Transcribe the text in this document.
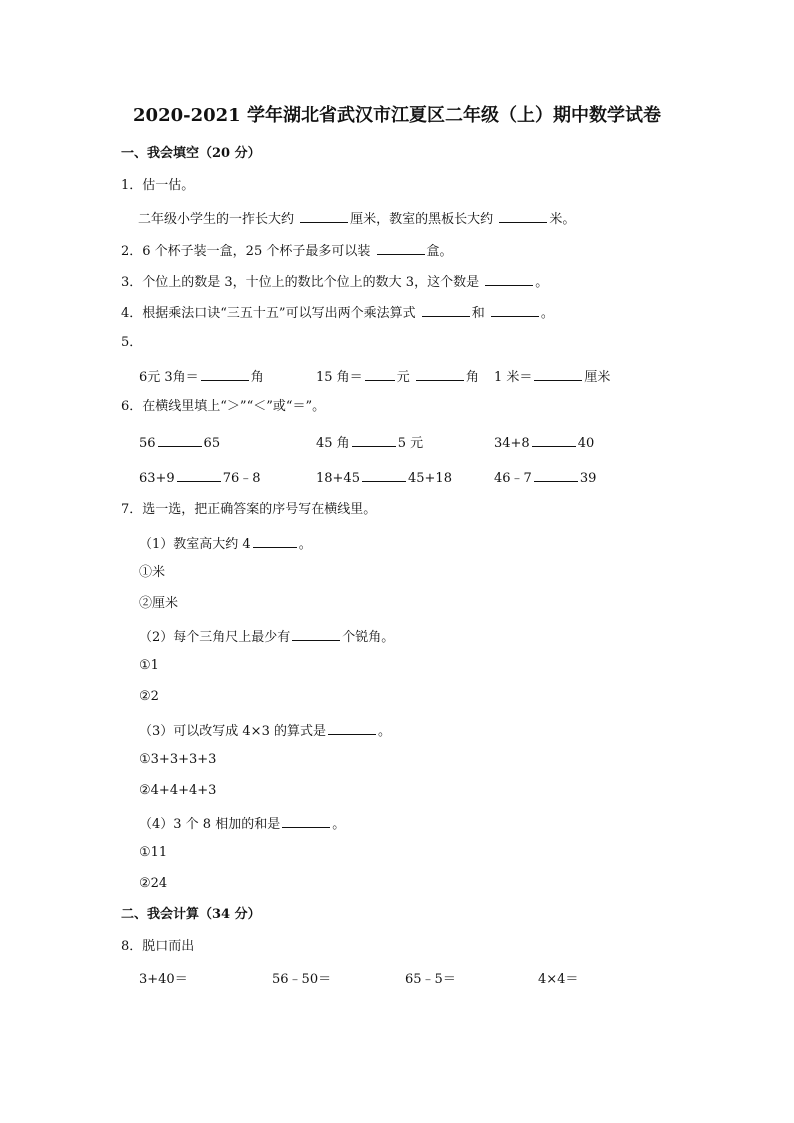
2020-2021 学年湖北省武汉市江夏区二年级（上）期中数学试卷
一、我会填空（20 分）
1．估一估。
二年级小学生的一拃长大约	厘米，教室的黑板长大约	米。
2．6 个杯子装一盒，25 个杯子最多可以装	盒。
3．个位上的数是 3，十位上的数比个位上的数大 3，这个数是	。
4．根据乘法口诀“三五十五”可以写出两个乘法算式	和	。
5．
6元 3角＝	角	15 角＝	元	角 1 米＝	厘米
6．在横线里填上“＞”“＜”或“＝”。
56	65	45 角	5 元	34+8	40
63+9	76﹣8	18+45	45+18	46﹣7	39
7．选一选，把正确答案的序号写在横线里。
（1）教室高大约 4	。
①米
②厘米
（2）每个三角尺上最少有	个锐角。
①1
②2
（3）可以改写成 4×3 的算式是	。
①3+3+3+3
②4+4+4+3
（4）3 个 8 相加的和是	。
①11
②24
二、我会计算（34 分）
8．脱口而出
3+40＝	56﹣50＝	65﹣5＝	4×4＝
